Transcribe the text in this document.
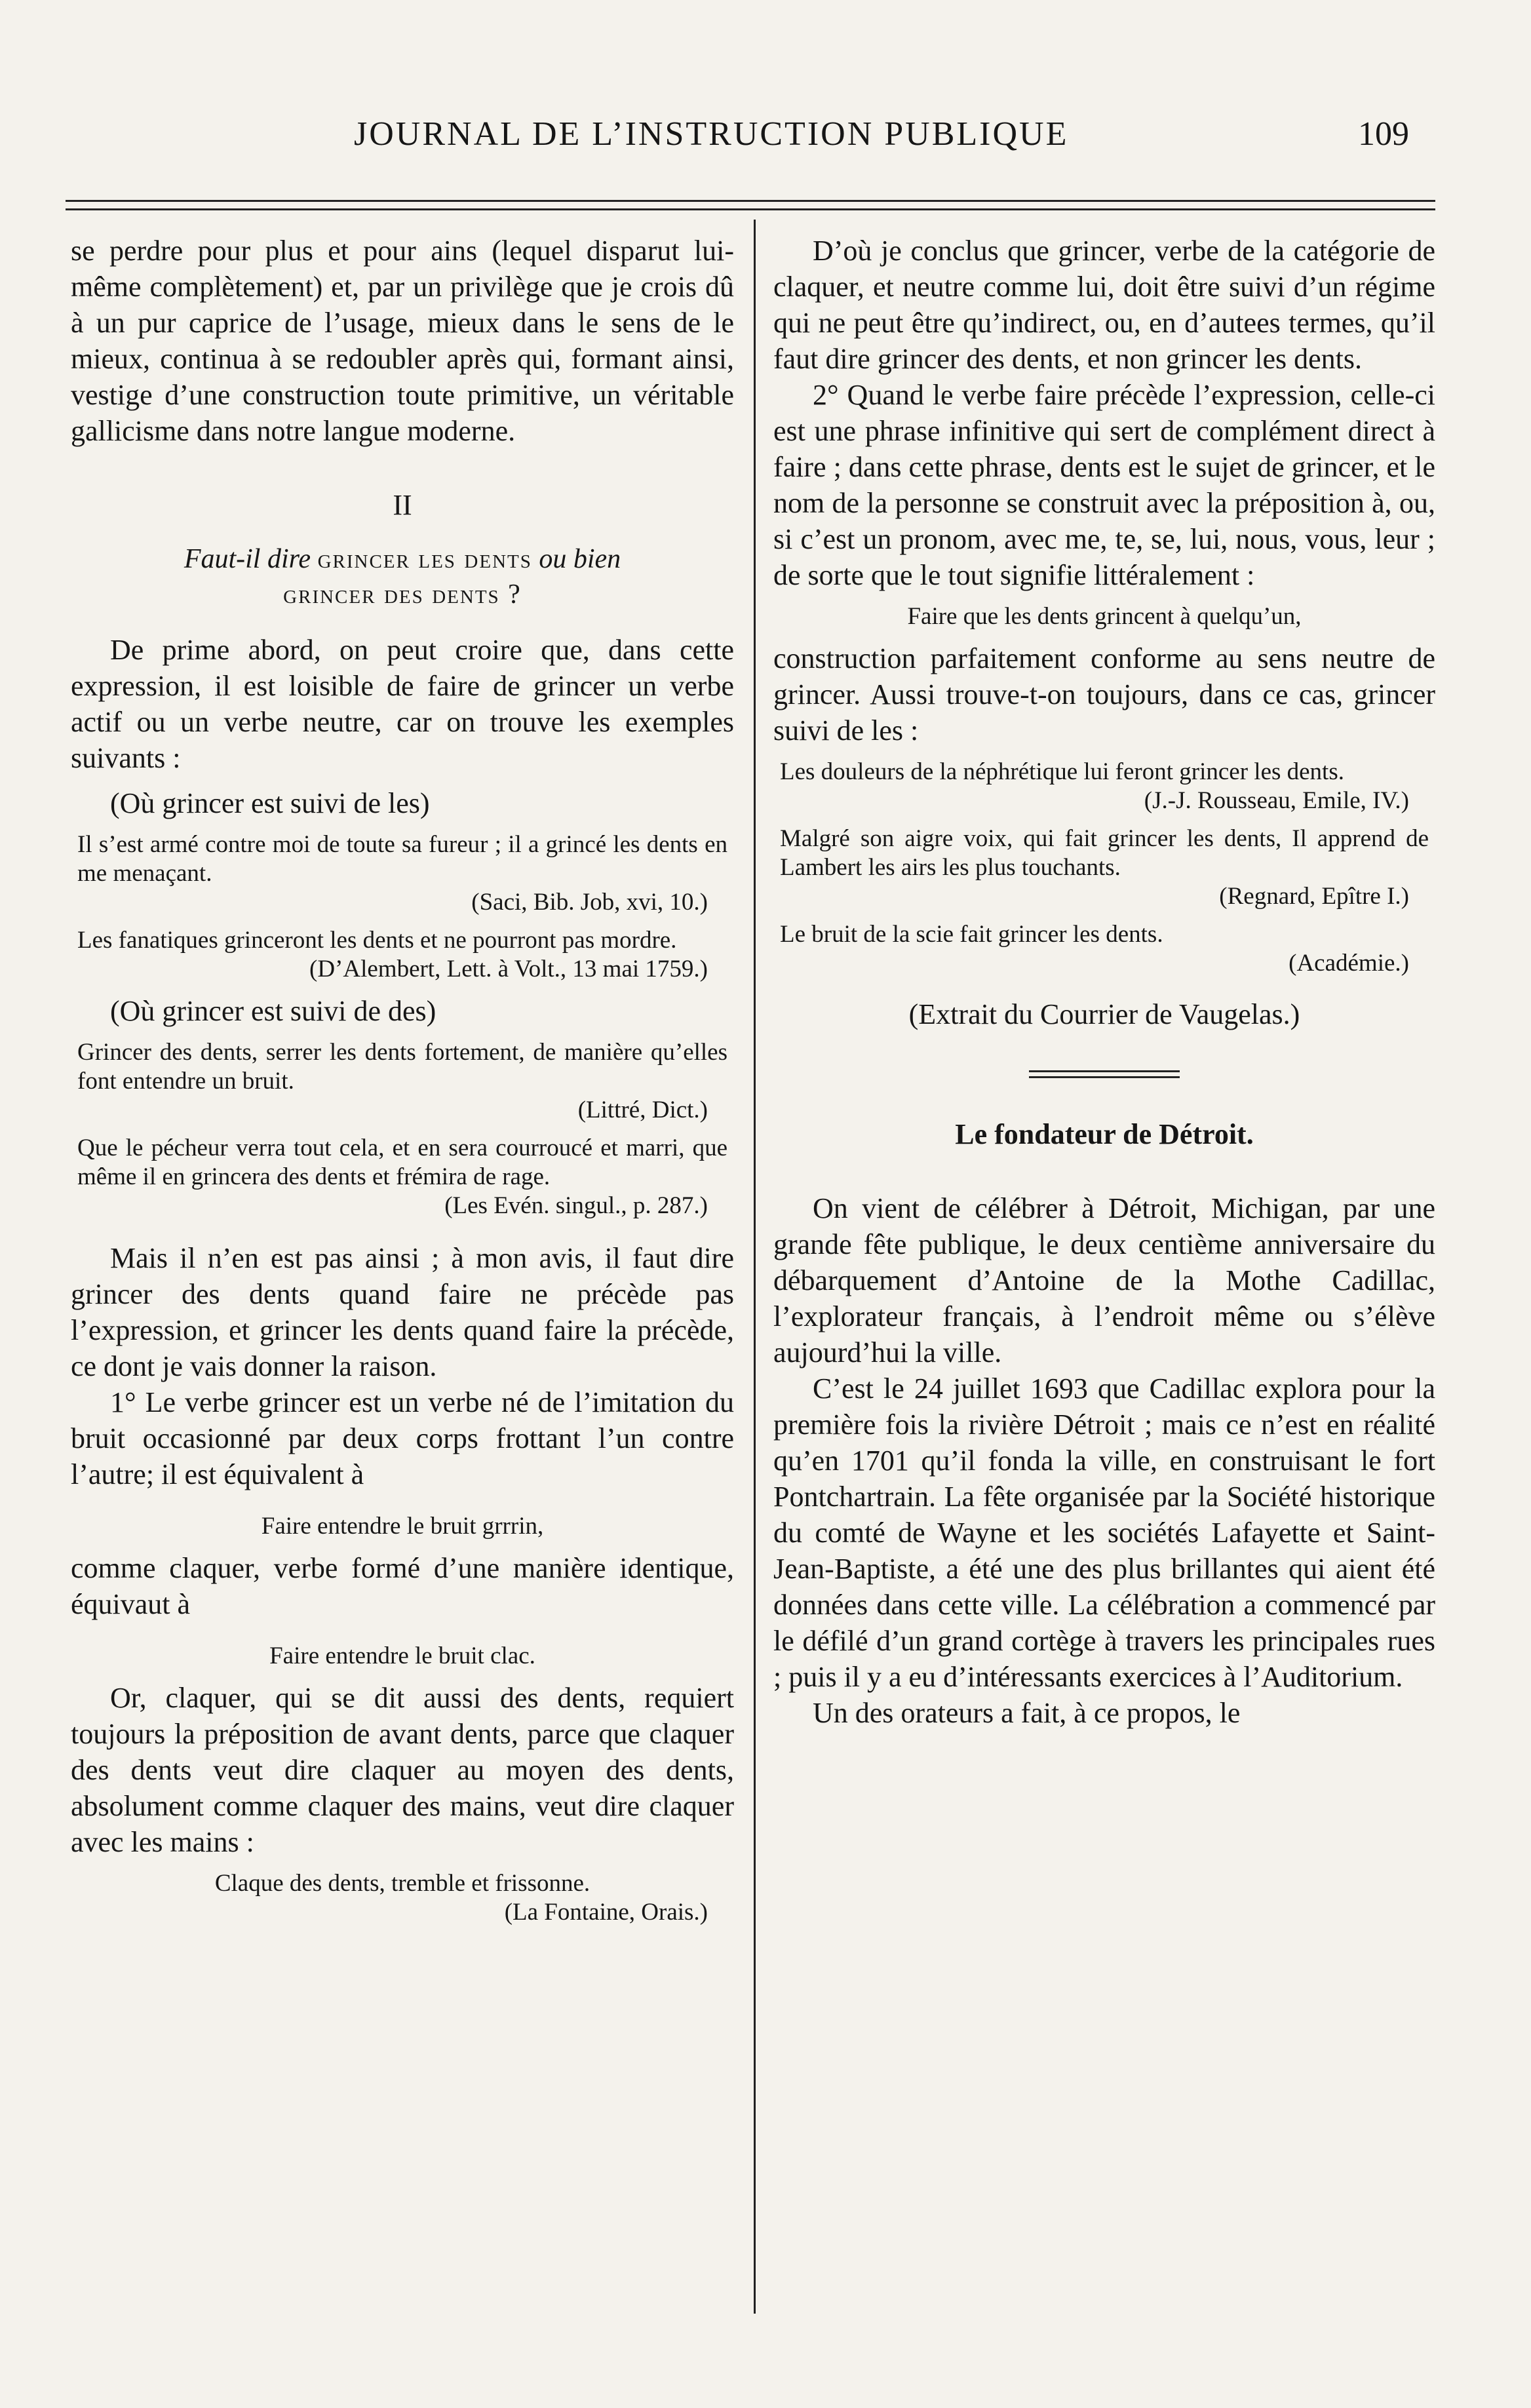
JOURNAL DE L’INSTRUCTION PUBLIQUE	109

se perdre pour plus et pour ains (lequel disparut lui-même complètement) et, par un privilège que je crois dû à un pur caprice de l’usage, mieux dans le sens de le mieux, continua à se redoubler après qui, formant ainsi, vestige d’une construction toute primitive, un véritable gallicisme dans notre langue moderne.

II

Faut-il dire grincer les dents ou bien
grincer des dents ?

De prime abord, on peut croire que, dans cette expression, il est loisible de faire de grincer un verbe actif ou un verbe neutre, car on trouve les exemples suivants :

(Où grincer est suivi de les)

Il s’est armé contre moi de toute sa fureur ; il a grincé les dents en me menaçant.

(Saci, Bib. Job, xvi, 10.)

Les fanatiques grinceront les dents et ne pourront pas mordre.

(D’Alembert, Lett. à Volt., 13 mai 1759.)

(Où grincer est suivi de des)

Grincer des dents, serrer les dents fortement, de manière qu’elles font entendre un bruit.

(Littré, Dict.)

Que le pécheur verra tout cela, et en sera courroucé et marri, que même il en grincera des dents et frémira de rage.

(Les Evén. singul., p. 287.)

Mais il n’en est pas ainsi ; à mon avis, il faut dire grincer des dents quand faire ne précède pas l’expression, et grincer les dents quand faire la précède, ce dont je vais donner la raison.

1° Le verbe grincer est un verbe né de l’imitation du bruit occasionné par deux corps frottant l’un contre l’autre; il est équivalent à

Faire entendre le bruit grrrin,

comme claquer, verbe formé d’une manière identique, équivaut à

Faire entendre le bruit clac.

Or, claquer, qui se dit aussi des dents, requiert toujours la préposition de avant dents, parce que claquer des dents veut dire claquer au moyen des dents, absolument comme claquer des mains, veut dire claquer avec les mains :

Claque des dents, tremble et frissonne.

(La Fontaine, Orais.)

D’où je conclus que grincer, verbe de la catégorie de claquer, et neutre comme lui, doit être suivi d’un régime qui ne peut être qu’indirect, ou, en d’autees termes, qu’il faut dire grincer des dents, et non grincer les dents.

2° Quand le verbe faire précède l’expression, celle-ci est une phrase infinitive qui sert de complément direct à faire ; dans cette phrase, dents est le sujet de grincer, et le nom de la personne se construit avec la préposition à, ou, si c’est un pronom, avec me, te, se, lui, nous, vous, leur ; de sorte que le tout signifie littéralement :

Faire que les dents grincent à quelqu’un,

construction parfaitement conforme au sens neutre de grincer. Aussi trouve-t-on toujours, dans ce cas, grincer suivi de les :

Les douleurs de la néphrétique lui feront grincer les dents.

(J.-J. Rousseau, Emile, IV.)

Malgré son aigre voix, qui fait grincer les dents, Il apprend de Lambert les airs les plus touchants.

(Regnard, Epître I.)

Le bruit de la scie fait grincer les dents.

(Académie.)

(Extrait du Courrier de Vaugelas.)

Le fondateur de Détroit.

On vient de célébrer à Détroit, Michigan, par une grande fête publique, le deux centième anniversaire du débarquement d’Antoine de la Mothe Cadillac, l’explorateur français, à l’endroit même ou s’élève aujourd’hui la ville.

C’est le 24 juillet 1693 que Cadillac explora pour la première fois la rivière Détroit ; mais ce n’est en réalité qu’en 1701 qu’il fonda la ville, en construisant le fort Pontchartrain. La fête organisée par la Société historique du comté de Wayne et les sociétés Lafayette et Saint-Jean-Baptiste, a été une des plus brillantes qui aient été données dans cette ville. La célébration a commencé par le défilé d’un grand cortège à travers les principales rues ; puis il y a eu d’intéressants exercices à l’Auditorium.

Un des orateurs a fait, à ce propos, le
